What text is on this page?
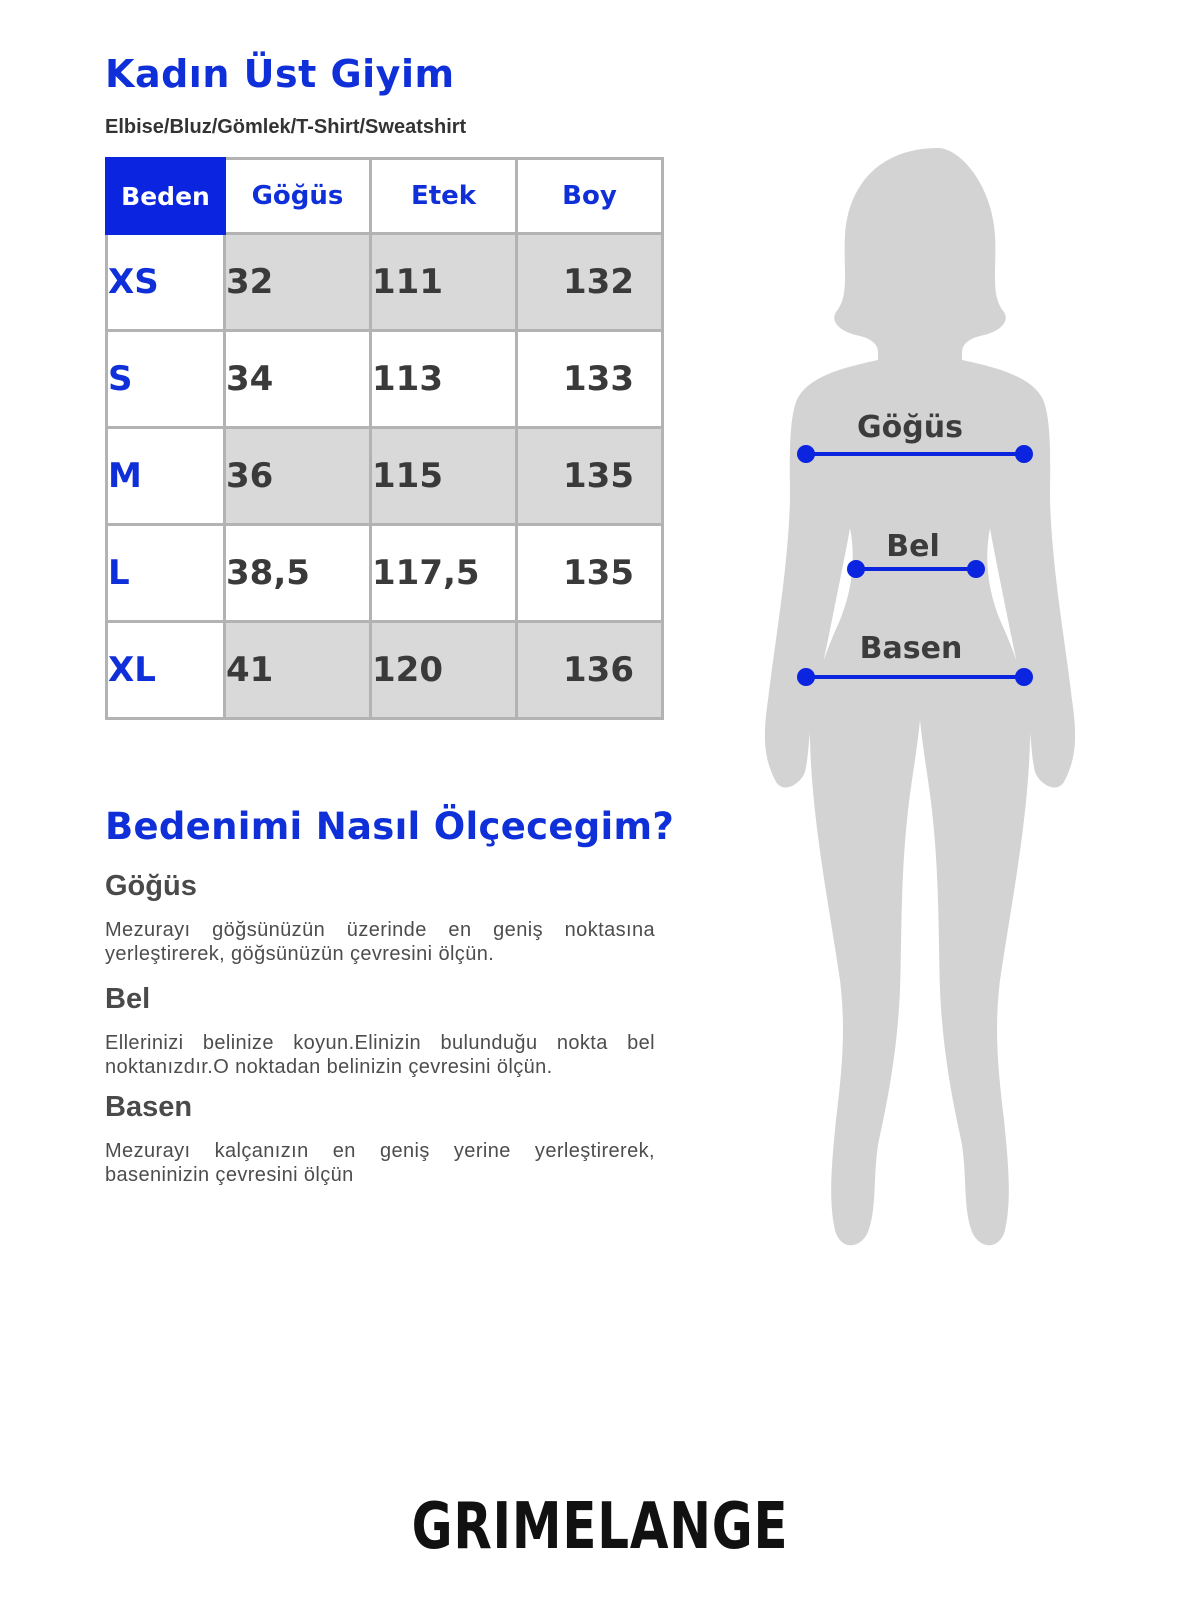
Kadın Üst Giyim

Elbise/Bluz/Gömlek/T-Shirt/Sweatshirt

Beden	Göğüs	Etek	Boy
XS	32	111	132
S	34	113	133
M	36	115	135
L	38,5	117,5	135
XL	41	120	136
Bedenimi Nasıl Ölçecegim?
Göğüs

Mezurayı göğsünüzün üzerinde en geniş noktasına yerleştirerek, göğsünüzün çevresini ölçün.

Bel

Ellerinizi belinize koyun.Elinizin bulunduğu nokta bel noktanızdır.O noktadan belinizin çevresini ölçün.

Basen

Mezurayı kalçanızın en geniş yerine yerleştirerek, baseninizin çevresini ölçün

Göğüs
Bel
Basen
GRIMELANGE
